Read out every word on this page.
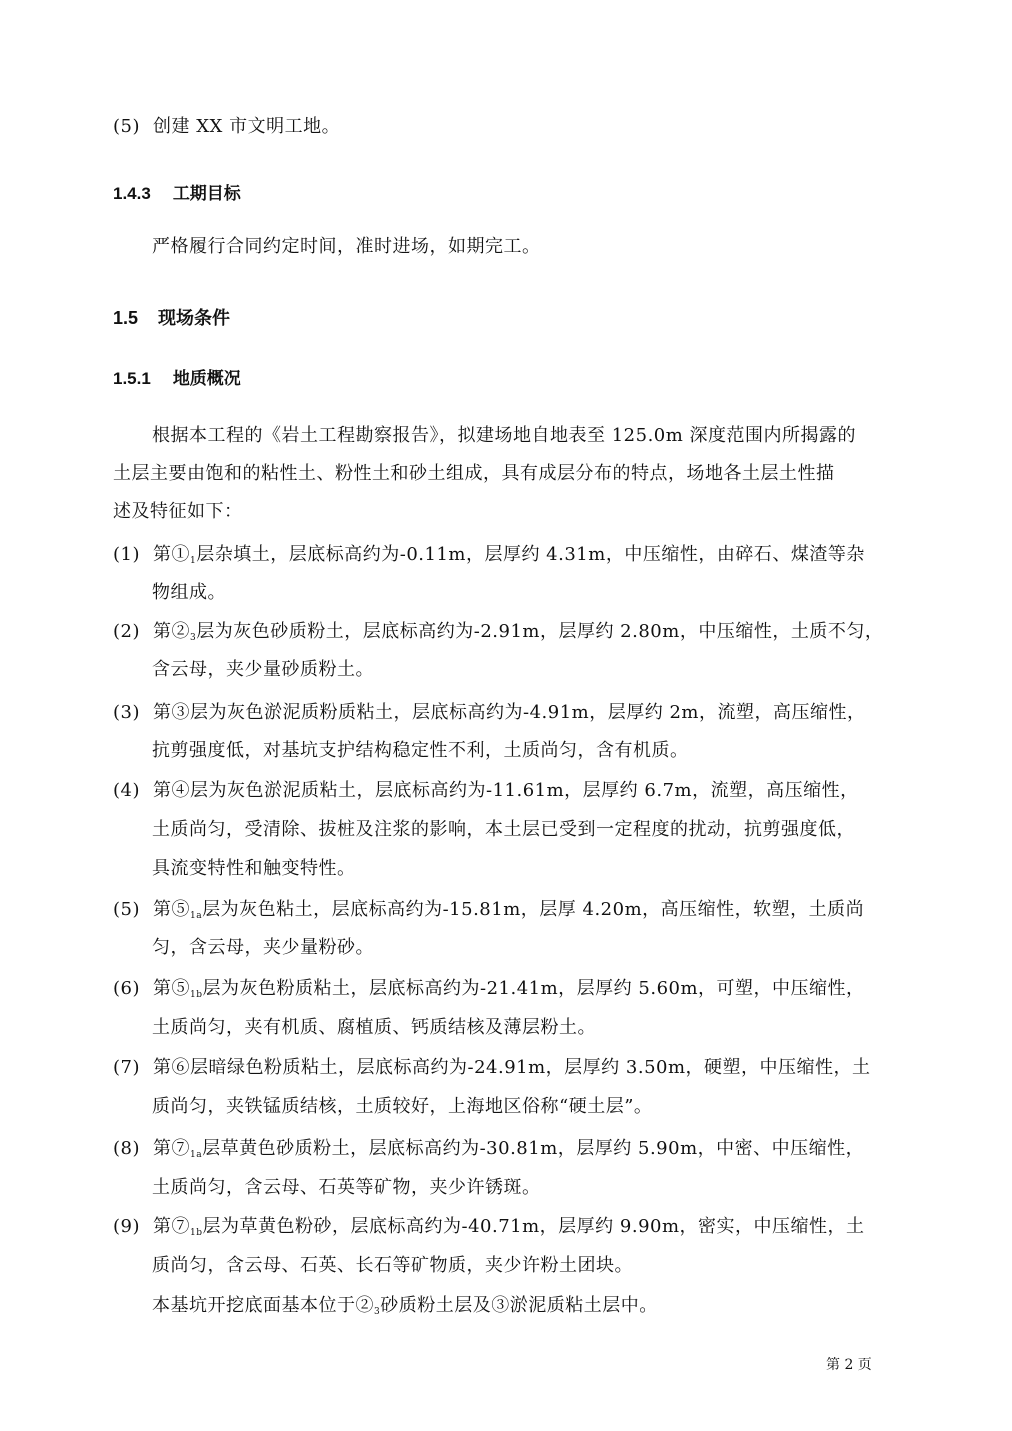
(5) 创建 XX 市文明工地。
1.4.3 工期目标
严格履行合同约定时间，准时进场，如期完工。
1.5 现场条件
1.5.1 地质概况
根据本工程的《岩土工程勘察报告》，拟建场地自地表至 125.0m 深度范围内所揭露的
土层主要由饱和的粘性土、粉性土和砂土组成，具有成层分布的特点，场地各土层土性描
述及特征如下：
(1) 第$①_1$层杂填土，层底标高约为-0.11m，层厚约 4.31m，中压缩性，由碎石、煤渣等杂
物组成。
(2) 第$②_3$层为灰色砂质粉土，层底标高约为-2.91m，层厚约 2.80m，中压缩性，土质不匀，
含云母，夹少量砂质粉土。
(3) 第③层为灰色淤泥质粉质粘土，层底标高约为-4.91m，层厚约 2m，流塑，高压缩性，
抗剪强度低，对基坑支护结构稳定性不利，土质尚匀，含有机质。
(4) 第④层为灰色淤泥质粘土，层底标高约为-11.61m，层厚约 6.7m，流塑，高压缩性，
土质尚匀，受清除、拔桩及注浆的影响，本土层已受到一定程度的扰动，抗剪强度低，
具流变特性和触变特性。
(5) 第$⑤_{1a}$层为灰色粘土，层底标高约为-15.81m，层厚 4.20m，高压缩性，软塑，土质尚
匀，含云母，夹少量粉砂。
(6) 第$⑤_{1b}$层为灰色粉质粘土，层底标高约为-21.41m，层厚约 5.60m，可塑，中压缩性，
土质尚匀，夹有机质、腐植质、钙质结核及薄层粉土。
(7) 第⑥层暗绿色粉质粘土，层底标高约为-24.91m，层厚约 3.50m，硬塑，中压缩性，土
质尚匀，夹铁锰质结核，土质较好，上海地区俗称“硬土层”。
(8) 第$⑦_{1a}$层草黄色砂质粉土，层底标高约为-30.81m，层厚约 5.90m，中密、中压缩性，
土质尚匀，含云母、石英等矿物，夹少许锈斑。
(9) 第$⑦_{1b}$层为草黄色粉砂，层底标高约为-40.71m，层厚约 9.90m，密实，中压缩性，土
质尚匀，含云母、石英、长石等矿物质，夹少许粉土团块。
本基坑开挖底面基本位于$②_3$砂质粉土层及③淤泥质粘土层中。
第 2 页
